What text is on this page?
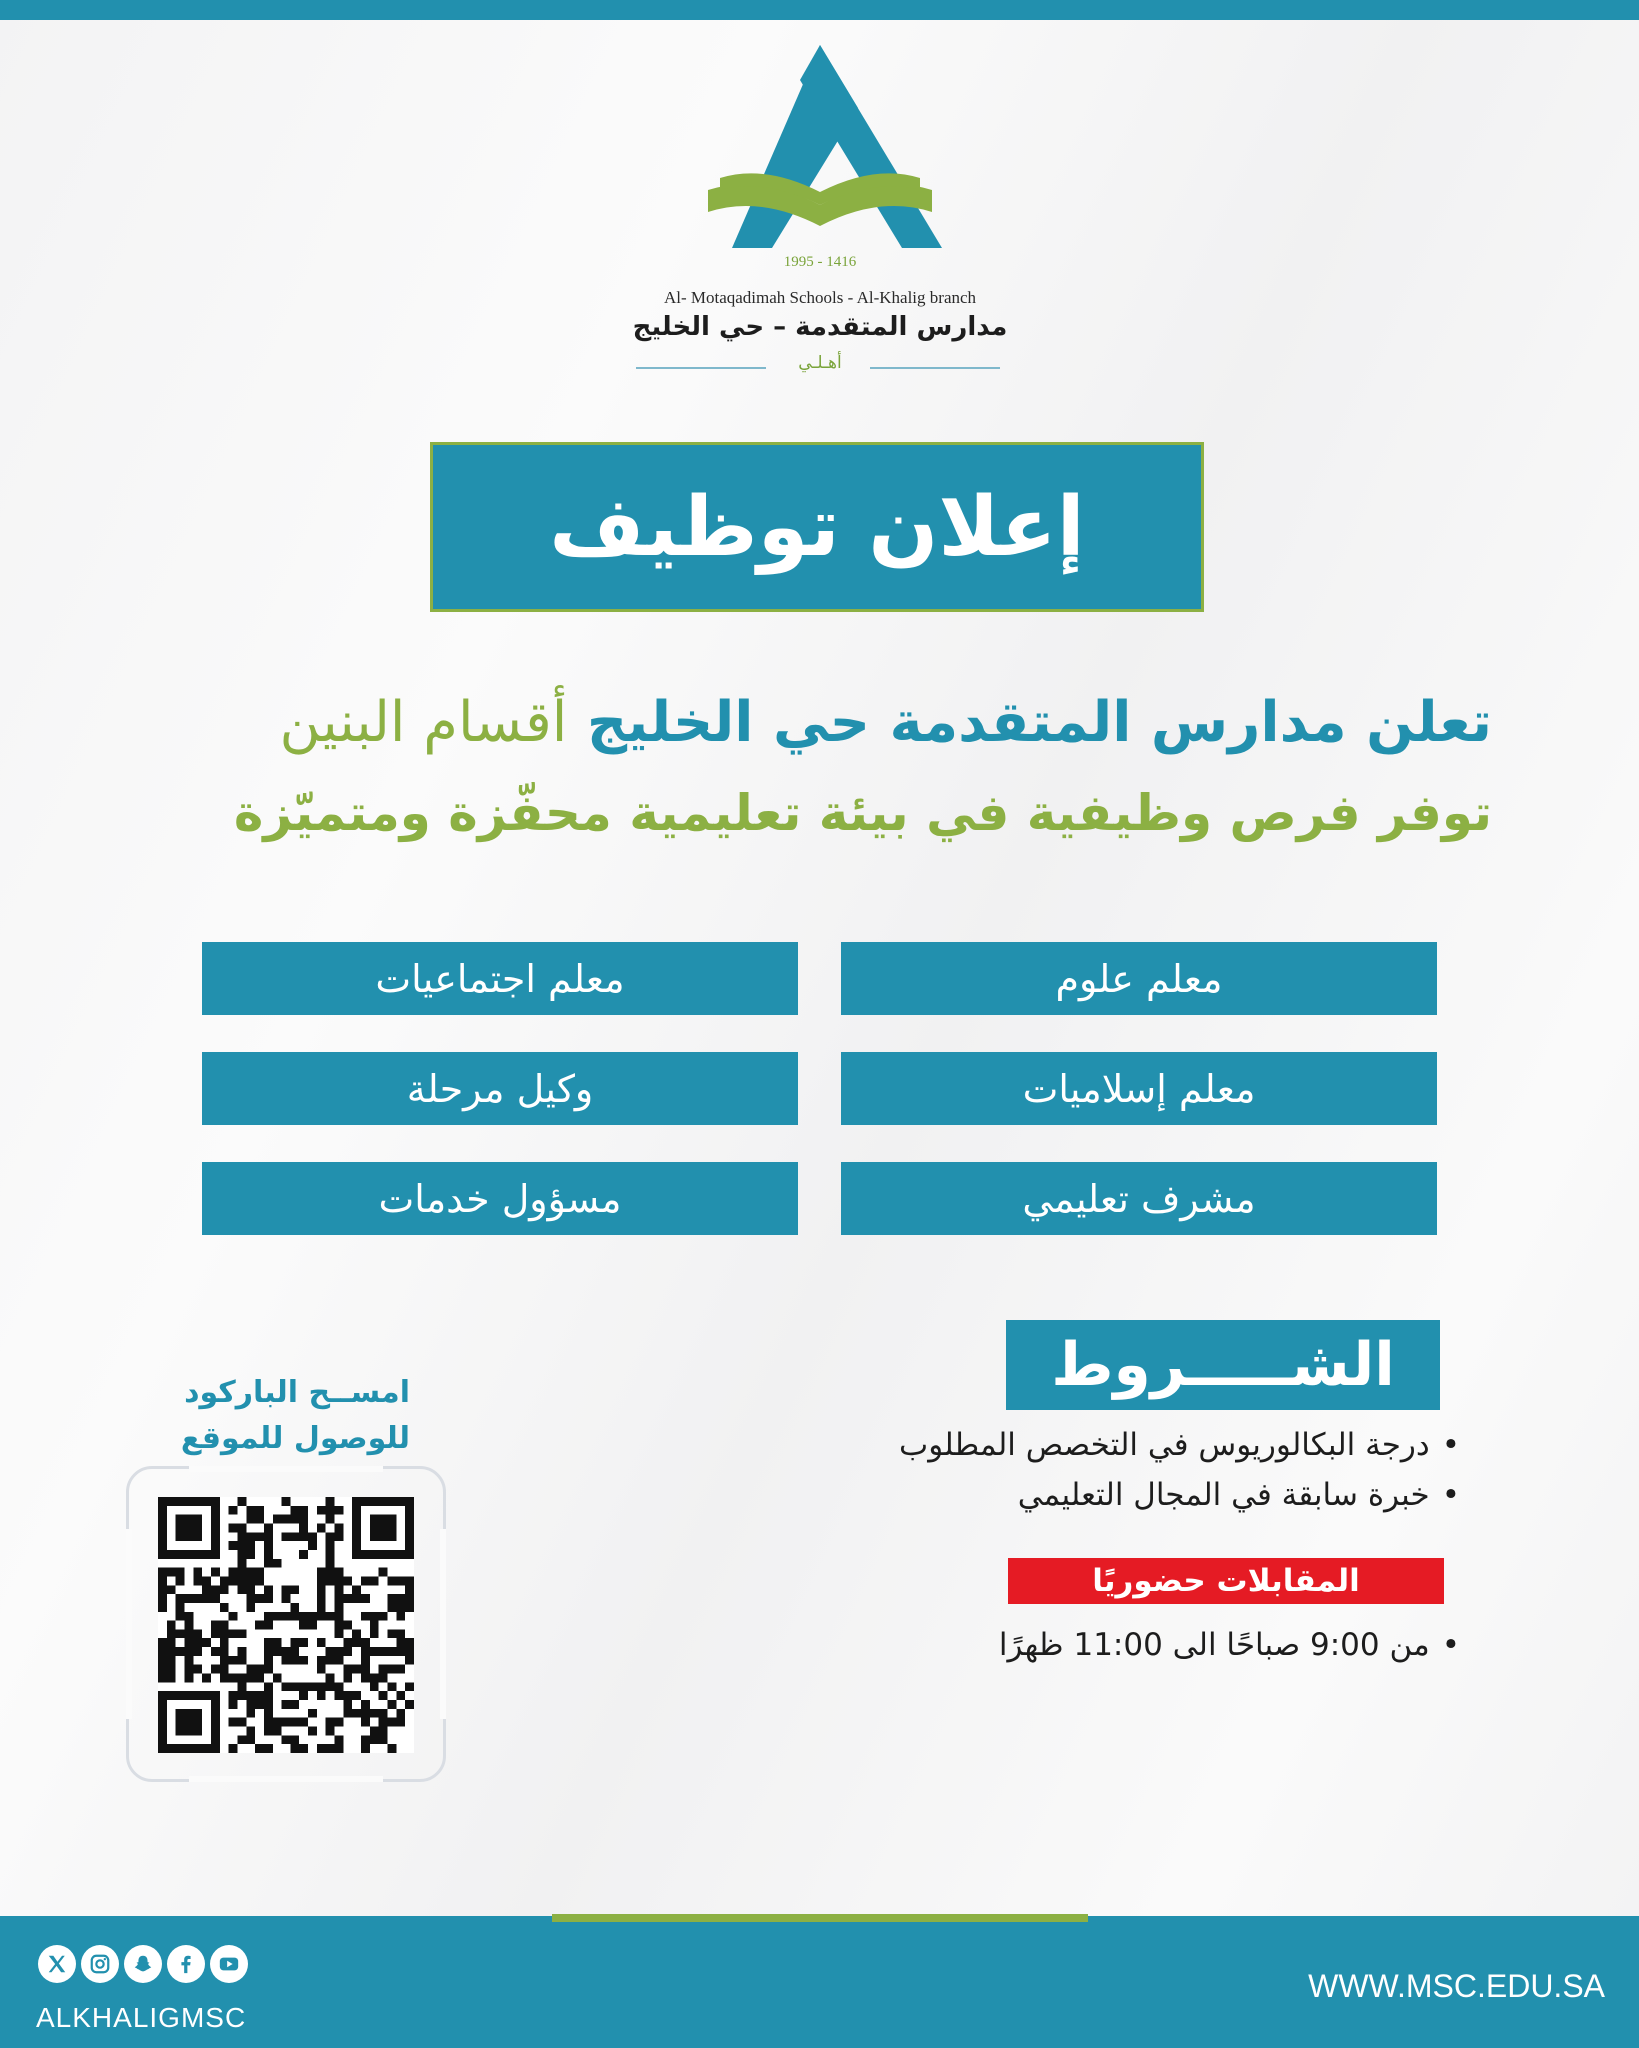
1995 - 1416
Al- Motaqadimah Schools - Al-Khalig branch
مدارس المتقدمة – حي الخليج
أهـلـي
إعلان توظيف
تعلن مدارس المتقدمة حي الخليج أقسام البنين
توفر فرص وظيفية في بيئة تعليمية محفّزة ومتميّزة
معلم علوم
معلم اجتماعيات
معلم إسلاميات
وكيل مرحلة
مشرف تعليمي
مسؤول خدمات
الشـــــروط
• درجة البكالوريوس في التخصص المطلوب
• خبرة سابقة في المجال التعليمي
المقابلات حضوريًا
• من 9:00 صباحًا الى 11:00 ظهرًا
امســح الباركود
للوصول للموقع
ALKHALIGMSC
WWW.MSC.EDU.SA
